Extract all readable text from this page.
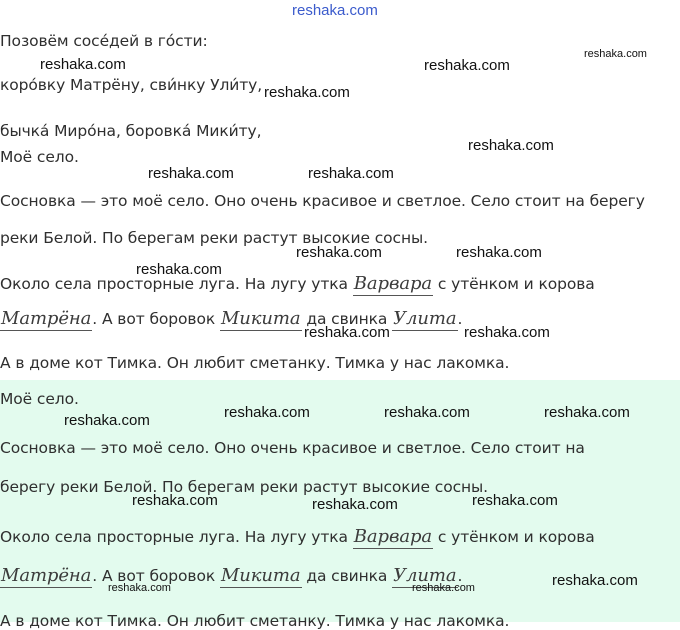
reshaka.com
Позовём сосе́дей в го́сти:
коро́вку Матрёну, сви́нку Ули́ту,
бычка́ Миро́на, боровка́ Мики́ту,
Моё село.
Сосновка — это моё село. Оно очень красивое и светлое. Село стоит на берегу
реки Белой. По берегам реки растут высокие сосны.
Около села просторные луга. На лугу утка Варвара с утёнком и корова
Матрёна. А вот боровок Микита да свинка Улита.
А в доме кот Тимка. Он любит сметанку. Тимка у нас лакомка.
Моё село.
Сосновка — это моё село. Оно очень красивое и светлое. Село стоит на
берегу реки Белой. По берегам реки растут высокие сосны.
Около села просторные луга. На лугу утка Варвара с утёнком и корова
Матрёна. А вот боровок Микита да свинка Улита.
А в доме кот Тимка. Он любит сметанку. Тимка у нас лакомка.
reshaka.com
reshaka.com	reshaka.com
reshaka.com
reshaka.com
reshaka.com	reshaka.com
reshaka.com	reshaka.com
reshaka.com
reshaka.com	reshaka.com
reshaka.com	reshaka.com	reshaka.com
reshaka.com
reshaka.com	reshaka.com	reshaka.com
reshaka.com
reshaka.com	reshaka.com
